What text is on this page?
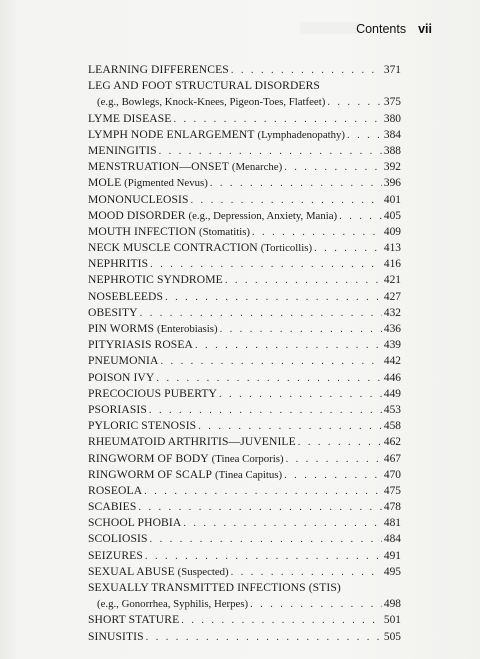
Contents vii
LEARNING DIFFERENCES . . .	371
LEG AND FOOT STRUCTURAL DISORDERS
(e.g., Bowlegs, Knock-Knees, Pigeon-Toes, Flatfeet) . . .	375
LYME DISEASE . . .	380
LYMPH NODE ENLARGEMENT (Lymphadenopathy) . . .	384
MENINGITIS . . .	388
MENSTRUATION—ONSET (Menarche) . . .	392
MOLE (Pigmented Nevus) . . .	396
MONONUCLEOSIS . . .	401
MOOD DISORDER (e.g., Depression, Anxiety, Mania) . . .	405
MOUTH INFECTION (Stomatitis) . . .	409
NECK MUSCLE CONTRACTION (Torticollis) . . .	413
NEPHRITIS . . .	416
NEPHROTIC SYNDROME . . .	421
NOSEBLEEDS . . .	427
OBESITY . . .	432
PIN WORMS (Enterobiasis) . . .	436
PITYRIASIS ROSEA . . .	439
PNEUMONIA . . .	442
POISON IVY . . .	446
PRECOCIOUS PUBERTY . . .	449
PSORIASIS . . .	453
PYLORIC STENOSIS . . .	458
RHEUMATOID ARTHRITIS—JUVENILE . . .	462
RINGWORM OF BODY (Tinea Corporis) . . .	467
RINGWORM OF SCALP (Tinea Capitus) . . .	470
ROSEOLA . . .	475
SCABIES . . .	478
SCHOOL PHOBIA . . .	481
SCOLIOSIS . . .	484
SEIZURES . . .	491
SEXUAL ABUSE (Suspected) . . .	495
SEXUALLY TRANSMITTED INFECTIONS (STIS)
(e.g., Gonorrhea, Syphilis, Herpes) . . .	498
SHORT STATURE . . .	501
SINUSITIS . . .	505
